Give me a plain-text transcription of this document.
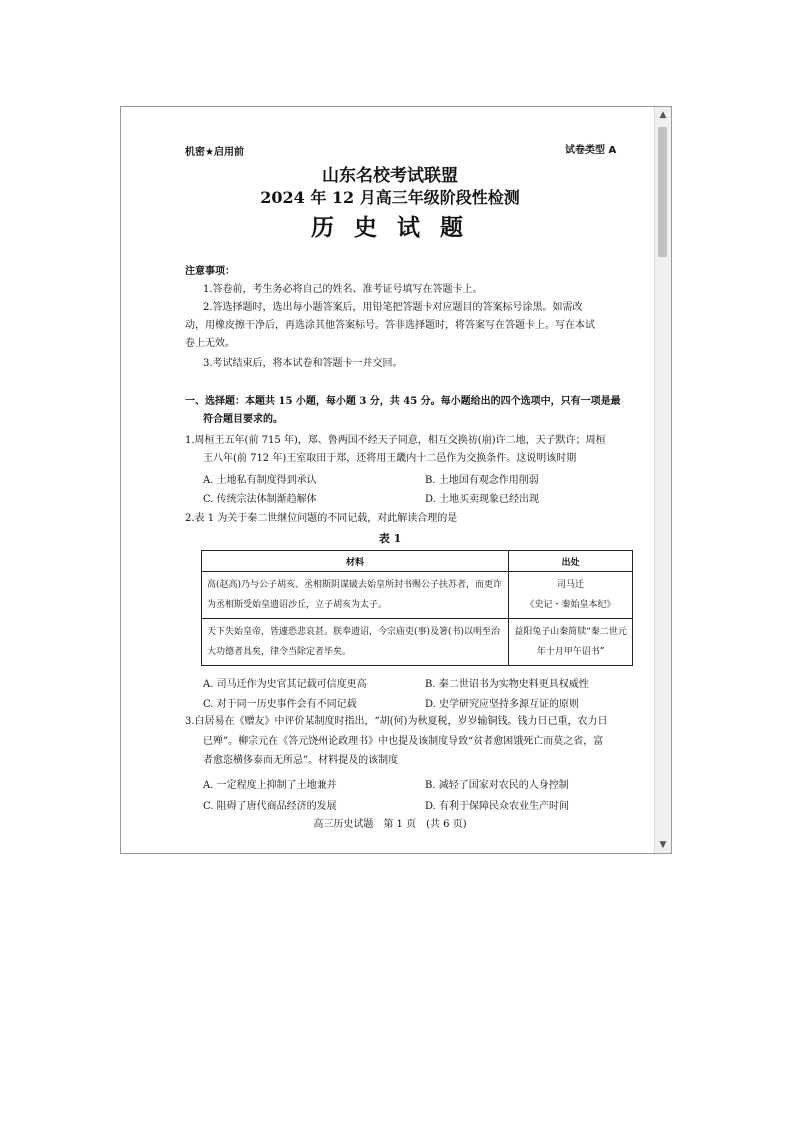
机密★启用前	试卷类型 A
山东名校考试联盟
2024 年 12 月高三年级阶段性检测
历 史 试 题
注意事项：
1.答卷前，考生务必将自己的姓名、准考证号填写在答题卡上。
2.答选择题时，选出每小题答案后，用铅笔把答题卡对应题目的答案标号涂黑。如需改
动，用橡皮擦干净后，再选涂其他答案标号。答非选择题时，将答案写在答题卡上。写在本试
卷上无效。
3.考试结束后，将本试卷和答题卡一并交回。
一、选择题：本题共 15 小题，每小题 3 分，共 45 分。每小题给出的四个选项中，只有一项是最
符合题目要求的。
1.周桓王五年(前 715 年)，郑、鲁两国不经天子同意，相互交换祊(崩)许二地，天子默许；周桓
王八年(前 712 年)王室取田于郑，还将用王畿内十二邑作为交换条件。这说明该时期
A. 土地私有制度得到承认	B. 土地国有观念作用削弱
C. 传统宗法体制渐趋解体	D. 土地买卖现象已经出现
2.表 1 为关于秦二世继位问题的不同记载，对此解读合理的是
表 1
材料	出处
高(赵高)乃与公子胡亥、丞相斯阴谋破去始皇所封书赐公子扶苏者，而更诈为丞相斯受始皇遗诏沙丘，立子胡亥为太子。	司马迁
《史记・秦始皇本纪》

天下失始皇帝，皆遽恐悲哀甚。朕奉遗诏，今宗庙吏(事)及箸(书)以明至治大功德者具矣，律令当除定者毕矣。	益阳兔子山秦简牍“秦二世元年十月甲午诏书”
A. 司马迁作为史官其记载可信度更高	B. 秦二世诏书为实物史料更具权威性
C. 对于同一历史事件会有不同记载	D. 史学研究应坚持多源互证的原则
3.白居易在《赠友》中评价某制度时指出，“胡(何)为秋夏税，岁岁输铜钱。钱力日已重，农力日
已殚”。柳宗元在《答元饶州论政理书》中也提及该制度导致“贫者愈困饿死亡而莫之省，富
者愈恣横侈泰而无所忌”。材料提及的该制度
A. 一定程度上抑制了土地兼并	B. 减轻了国家对农民的人身控制
C. 阻碍了唐代商品经济的发展	D. 有利于保障民众农业生产时间
高三历史试题　第 1 页　(共 6 页)
▲
▼
